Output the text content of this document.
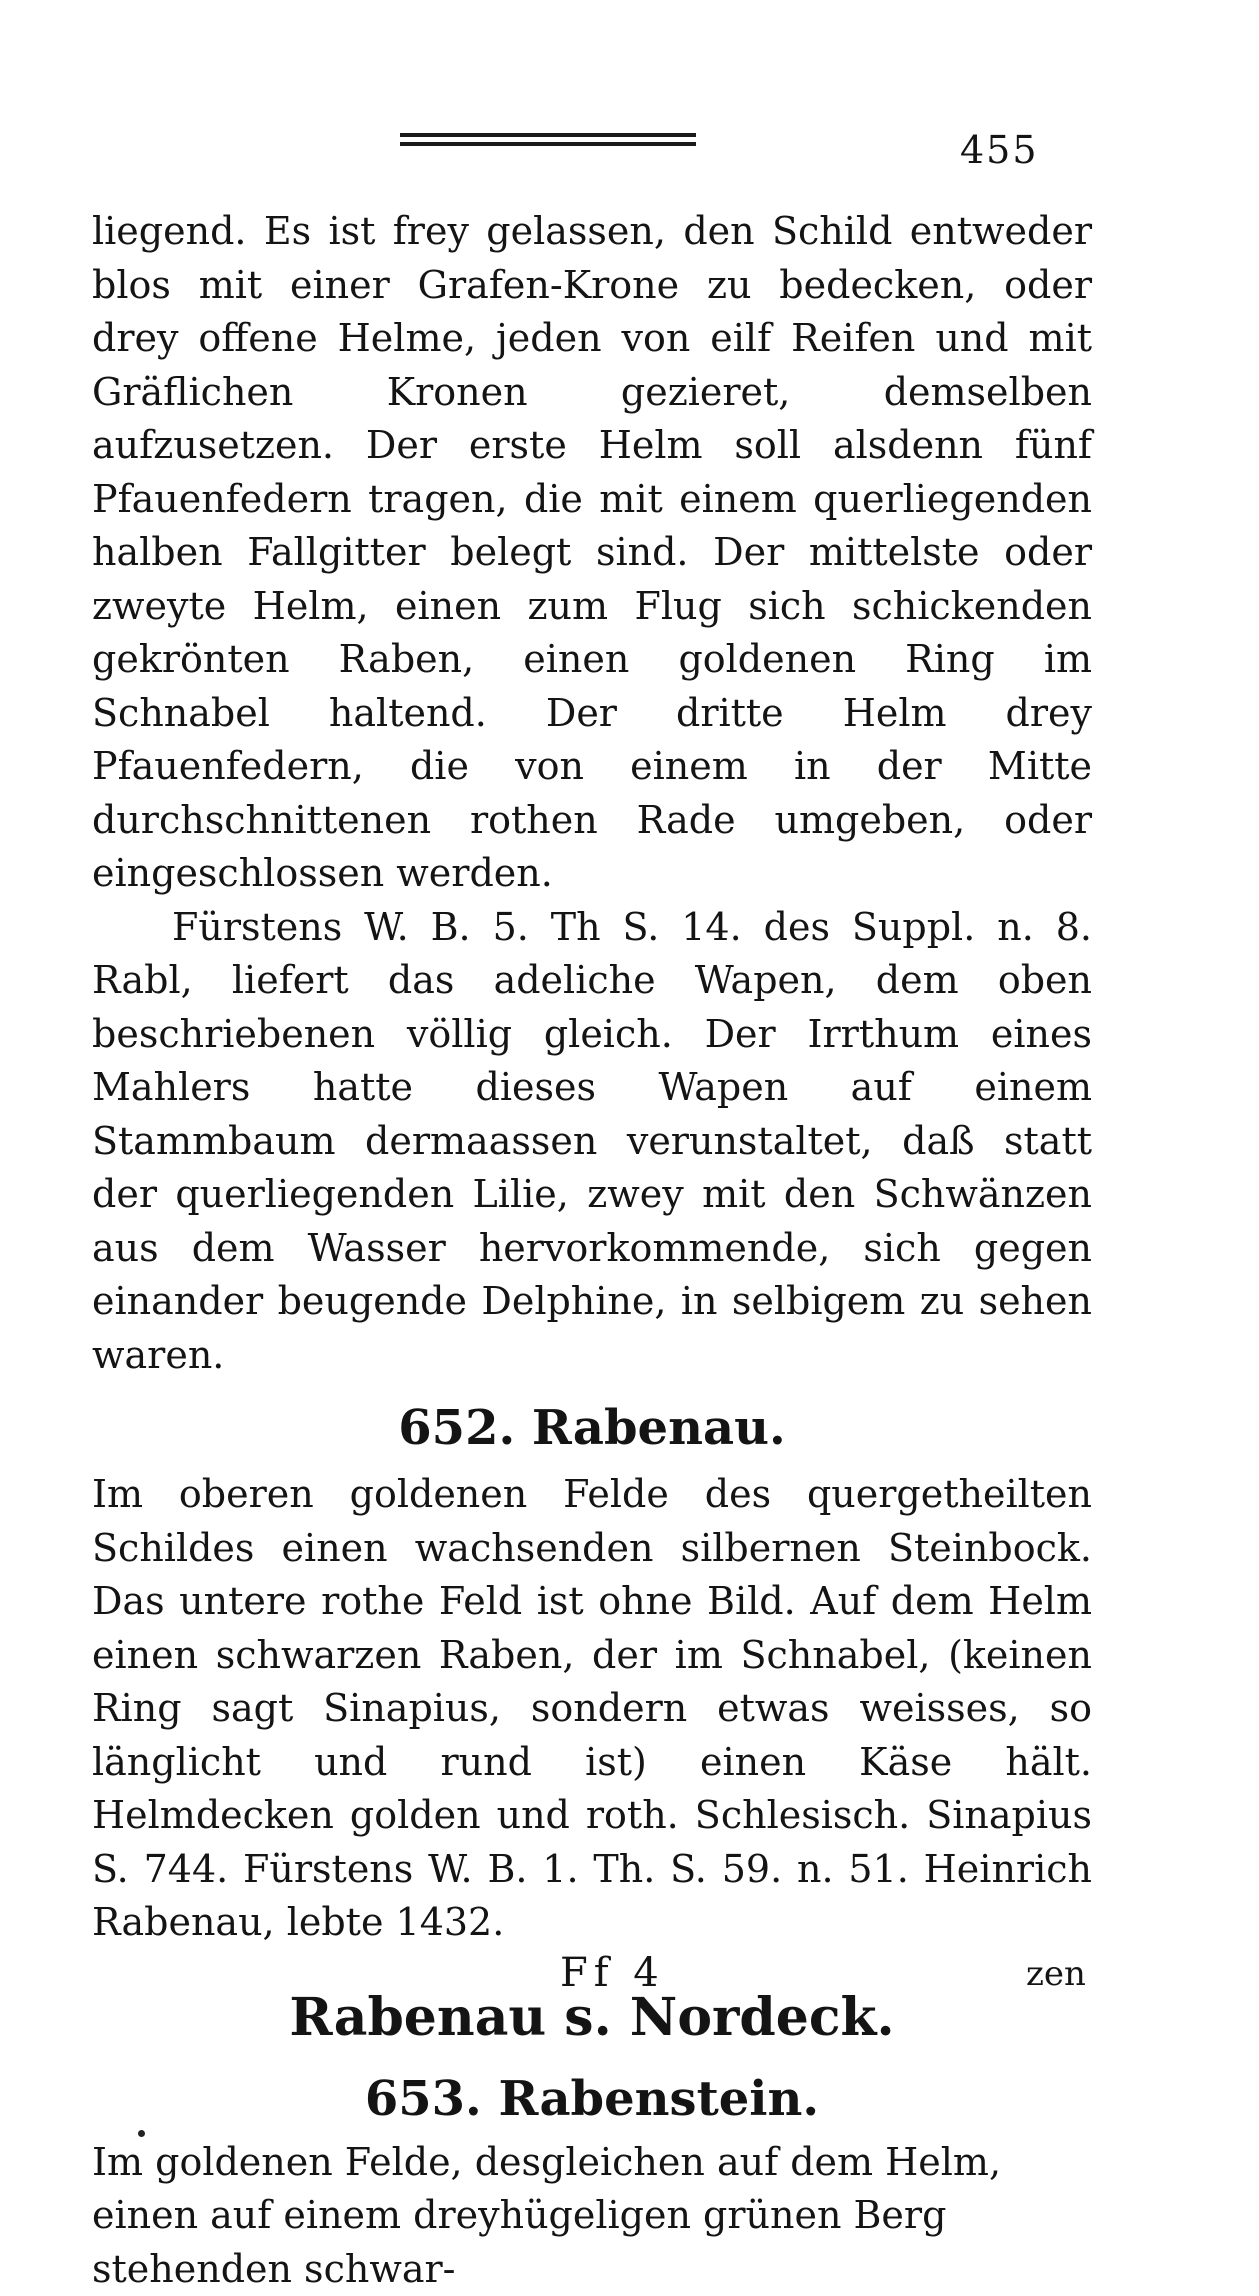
455

liegend. Es ist frey gelassen, den Schild entweder blos mit einer Grafen-Krone zu bedecken, oder drey offene Helme, jeden von eilf Reifen und mit Gräflichen Kronen gezieret, demselben aufzusetzen. Der erste Helm soll alsdenn fünf Pfauenfedern tragen, die mit einem querliegenden halben Fallgitter belegt sind. Der mittelste oder zweyte Helm, einen zum Flug sich schickenden gekrönten Raben, einen goldenen Ring im Schnabel haltend. Der dritte Helm drey Pfauenfedern, die von einem in der Mitte durchschnittenen rothen Rade umgeben, oder eingeschlossen werden.

Fürstens W. B. 5. Th S. 14. des Suppl. n. 8. Rabl, liefert das adeliche Wapen, dem oben beschriebenen völlig gleich. Der Irrthum eines Mahlers hatte dieses Wapen auf einem Stammbaum dermaassen verunstaltet, daß statt der querliegenden Lilie, zwey mit den Schwänzen aus dem Wasser hervorkommende, sich gegen einander beugende Delphine, in selbigem zu sehen waren.

652. Rabenau.

Im oberen goldenen Felde des quergetheilten Schildes einen wachsenden silbernen Steinbock. Das untere rothe Feld ist ohne Bild. Auf dem Helm einen schwarzen Raben, der im Schnabel, (keinen Ring sagt Sinapius, sondern etwas weisses, so länglicht und rund ist) einen Käse hält. Helmdecken golden und roth. Schlesisch. Sinapius S. 744. Fürstens W. B. 1. Th. S. 59. n. 51. Heinrich Rabenau, lebte 1432.

Rabenau s. Nordeck.
653. Rabenstein.

Im goldenen Felde, desgleichen auf dem Helm, einen auf einem dreyhügeligen grünen Berg stehenden schwar-

Ff 4	zen
